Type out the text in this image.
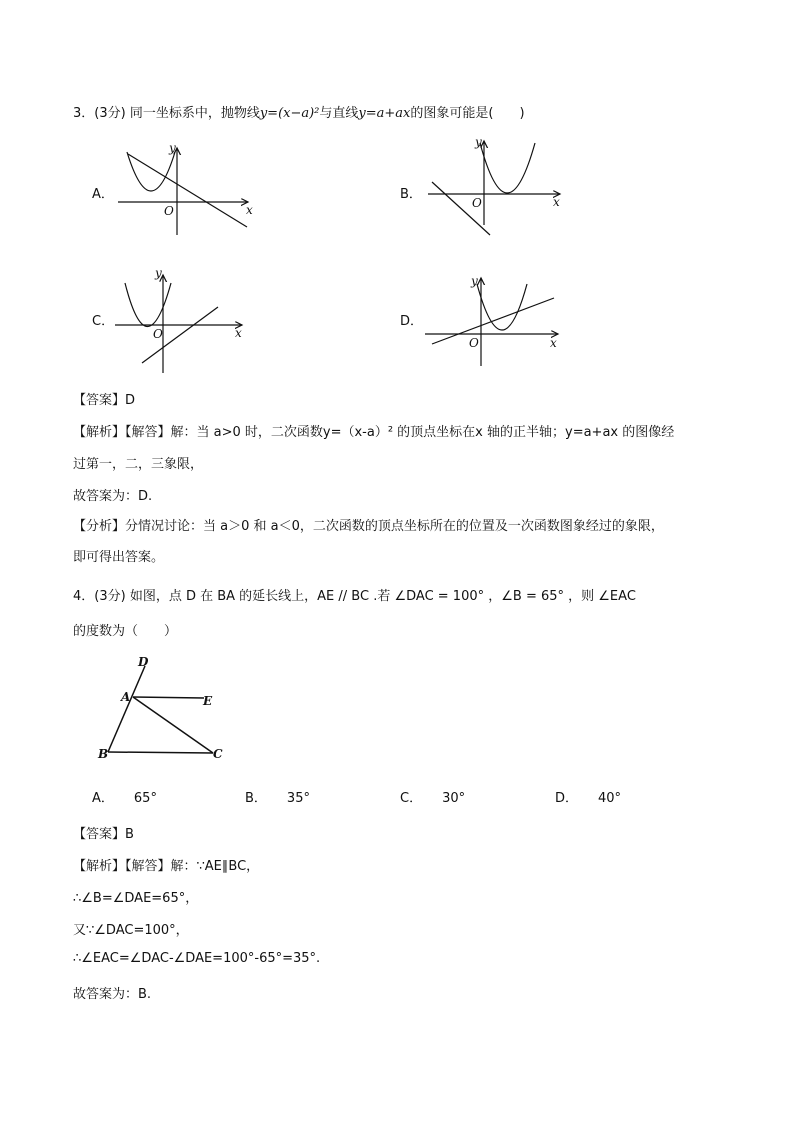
3．(3分) 同一坐标系中，抛物线y=(x−a)²与直线y=a+ax的图象可能是(　　)
A．	B．
C．	D．
y
x
O
y
x
O
y
x
O
y
x
O
【答案】D
【解析】【解答】解：当 a>0 时，二次函数y=（x-a）² 的顶点坐标在x 轴的正半轴；y=a+ax 的图像经
过第一，二，三象限，
故答案为：D.
【分析】分情况讨论：当 a＞0 和 a＜0，二次函数的顶点坐标所在的位置及一次函数图象经过的象限，
即可得出答案。
4．(3分) 如图，点 D 在 BA 的延长线上，AE // BC .若 ∠DAC = 100° ，∠B = 65° ，则 ∠EAC
的度数为（　　）
D
A	E
B	C
A． 65°	B． 35°	C． 30°	D． 40°
【答案】B
【解析】【解答】解：∵AE∥BC，
∴∠B=∠DAE=65°，
又∵∠DAC=100°，
∴∠EAC=∠DAC-∠DAE=100°-65°=35°.
故答案为：B.
